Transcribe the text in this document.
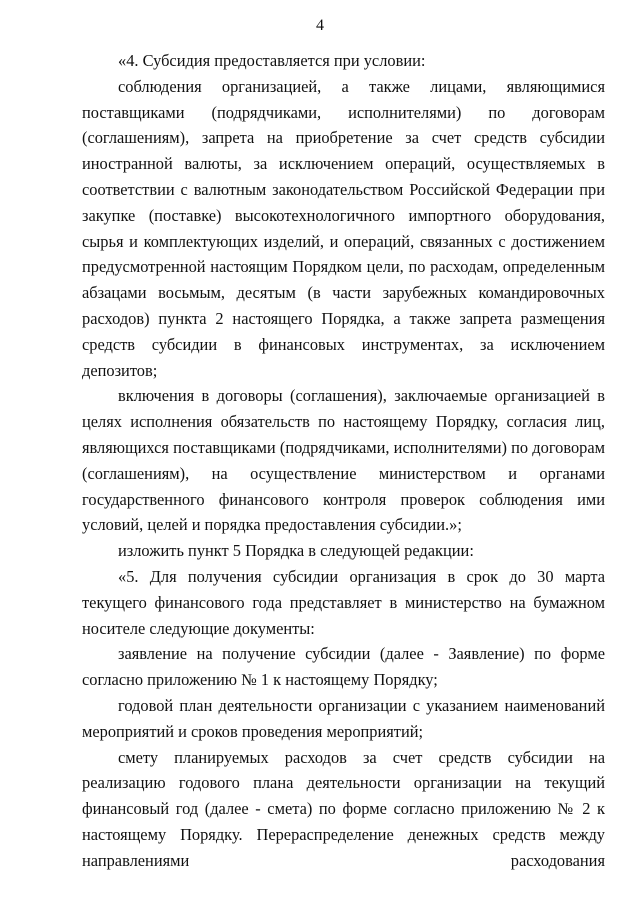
4

«4. Субсидия предоставляется при условии:

соблюдения организацией, а также лицами, являющимися поставщиками (подрядчиками, исполнителями) по договорам (соглашениям), запрета на приобретение за счет средств субсидии иностранной валюты, за исключением операций, осуществляемых в соответствии с валютным законодательством Российской Федерации при закупке (поставке) высокотехнологичного импортного оборудования, сырья и комплектующих изделий, и операций, связанных с достижением предусмотренной настоящим Порядком цели, по расходам, определенным абзацами восьмым, десятым (в части зарубежных командировочных расходов) пункта 2 настоящего Порядка, а также запрета размещения средств субсидии в финансовых инструментах, за исключением депозитов;

включения в договоры (соглашения), заключаемые организацией в целях исполнения обязательств по настоящему Порядку, согласия лиц, являющихся поставщиками (подрядчиками, исполнителями) по договорам (соглашениям), на осуществление министерством и органами государственного финансового контроля проверок соблюдения ими условий, целей и порядка предоставления субсидии.»;

изложить пункт 5 Порядка в следующей редакции:

«5. Для получения субсидии организация в срок до 30 марта текущего финансового года представляет в министерство на бумажном носителе следующие документы:

заявление на получение субсидии (далее - Заявление) по форме согласно приложению № 1 к настоящему Порядку;

годовой план деятельности организации с указанием наименований мероприятий и сроков проведения мероприятий;

смету планируемых расходов за счет средств субсидии на реализацию годового плана деятельности организации на текущий финансовый год (далее - смета) по форме согласно приложению № 2 к настоящему Порядку. Перераспределение денежных средств между направлениями расходования
